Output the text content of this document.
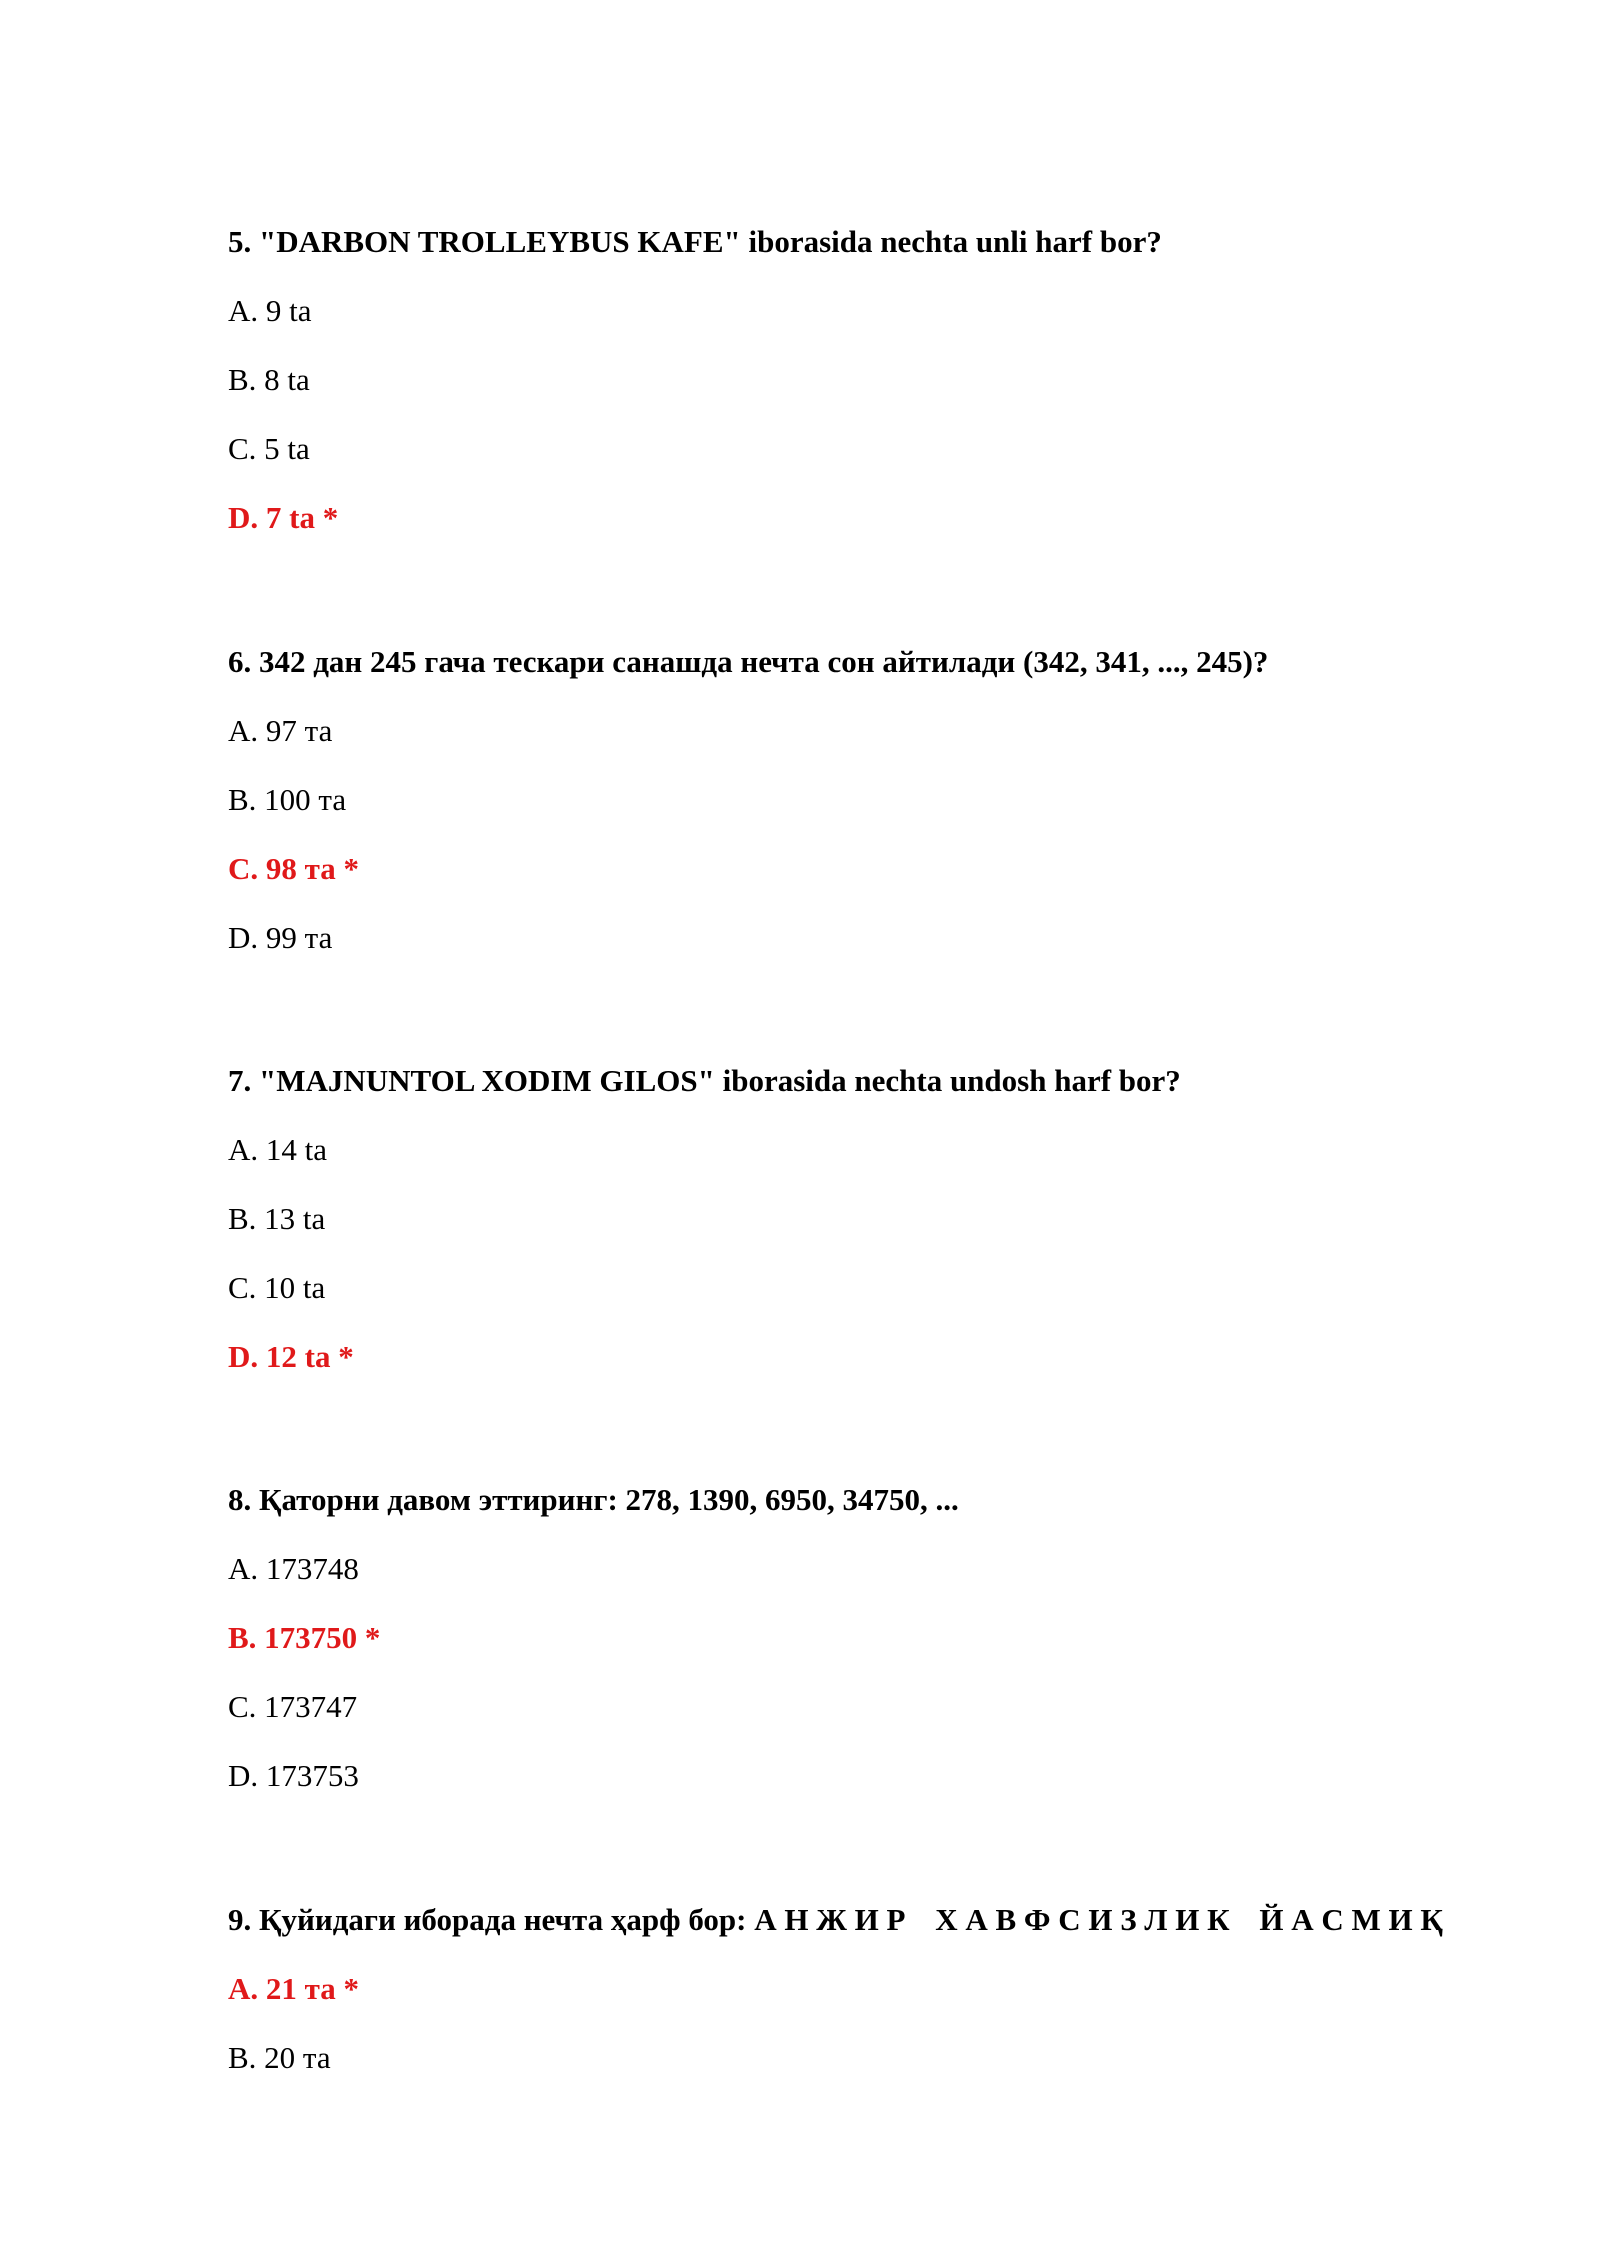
5. "DARBON TROLLEYBUS KAFE" iborasida nechta unli harf bor?
A. 9 ta
B. 8 ta
C. 5 ta
D. 7 ta *
6. 342 дан 245 гача тескари санашда нечта сон айтилади (342, 341, ..., 245)?
A. 97 та
B. 100 та
C. 98 та *
D. 99 та
7. "MAJNUNTOL XODIM GILOS" iborasida nechta undosh harf bor?
A. 14 ta
B. 13 ta
C. 10 ta
D. 12 ta *
8. Қаторни давом эттиринг: 278, 1390, 6950, 34750, ...
A. 173748
B. 173750 *
C. 173747
D. 173753
9. Қуйидаги иборада нечта ҳарф бор: А Н Ж И Р Х А В Ф С И З Л И К Й А С М И Қ
A. 21 та *
B. 20 та
